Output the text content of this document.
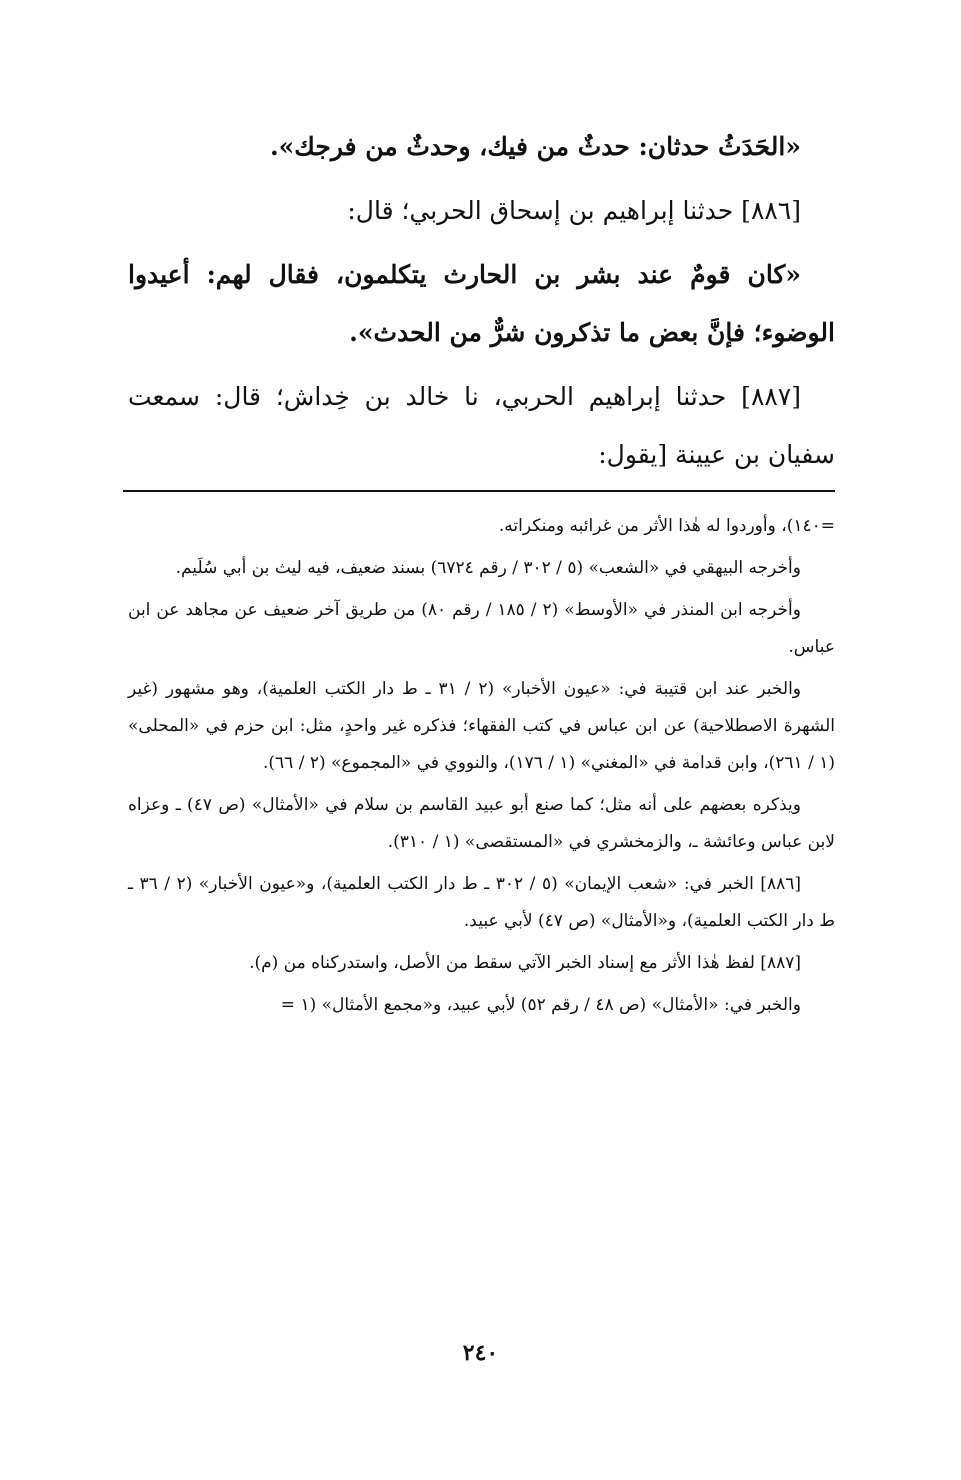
«الحَدَثُ حدثان: حدثٌ من فيك، وحدثٌ من فرجك».

[٨٨٦] حدثنا إبراهيم بن إسحاق الحربي؛ قال:

«كان قومٌ عند بشر بن الحارث يتكلمون، فقال لهم: أعيدوا الوضوء؛ فإنَّ بعض ما تذكرون شرٌّ من الحدث».

[٨٨٧] حدثنا إبراهيم الحربي، نا خالد بن خِداش؛ قال: سمعت سفيان بن عيينة [يقول:

=١٤٠)، وأوردوا له هٰذا الأثر من غرائبه ومنكراته.

وأخرجه البيهقي في «الشعب» (٥ / ٣٠٢ / رقم ٦٧٢٤) بسند ضعيف، فيه ليث بن أبي سُلَيم.

وأخرجه ابن المنذر في «الأوسط» (٢ / ١٨٥ / رقم ٨٠) من طريق آخر ضعيف عن مجاهد عن ابن عباس.

والخبر عند ابن قتيبة في: «عيون الأخبار» (٢ / ٣١ ـ ط دار الكتب العلمية)، وهو مشهور (غير الشهرة الاصطلاحية) عن ابن عباس في كتب الفقهاء؛ فذكره غير واحدٍ، مثل: ابن حزم في «المحلى» (١ / ٢٦١)، وابن قدامة في «المغني» (١ / ١٧٦)، والنووي في «المجموع» (٢ / ٦٦).

ويذكره بعضهم على أنه مثل؛ كما صنع أبو عبيد القاسم بن سلام في «الأمثال» (ص ٤٧) ـ وعزاه لابن عباس وعائشة ـ، والزمخشري في «المستقصى» (١ / ٣١٠).

[٨٨٦] الخبر في: «شعب الإيمان» (٥ / ٣٠٢ ـ ط دار الكتب العلمية)، و«عيون الأخبار» (٢ / ٣٦ ـ ط دار الكتب العلمية)، و«الأمثال» (ص ٤٧) لأبي عبيد.

[٨٨٧] لفظ هٰذا الأثر مع إسناد الخبر الآتي سقط من الأصل، واستدركناه من (م).

والخبر في: «الأمثال» (ص ٤٨ / رقم ٥٢) لأبي عبيد، و«مجمع الأمثال» (١ =

٢٤٠
